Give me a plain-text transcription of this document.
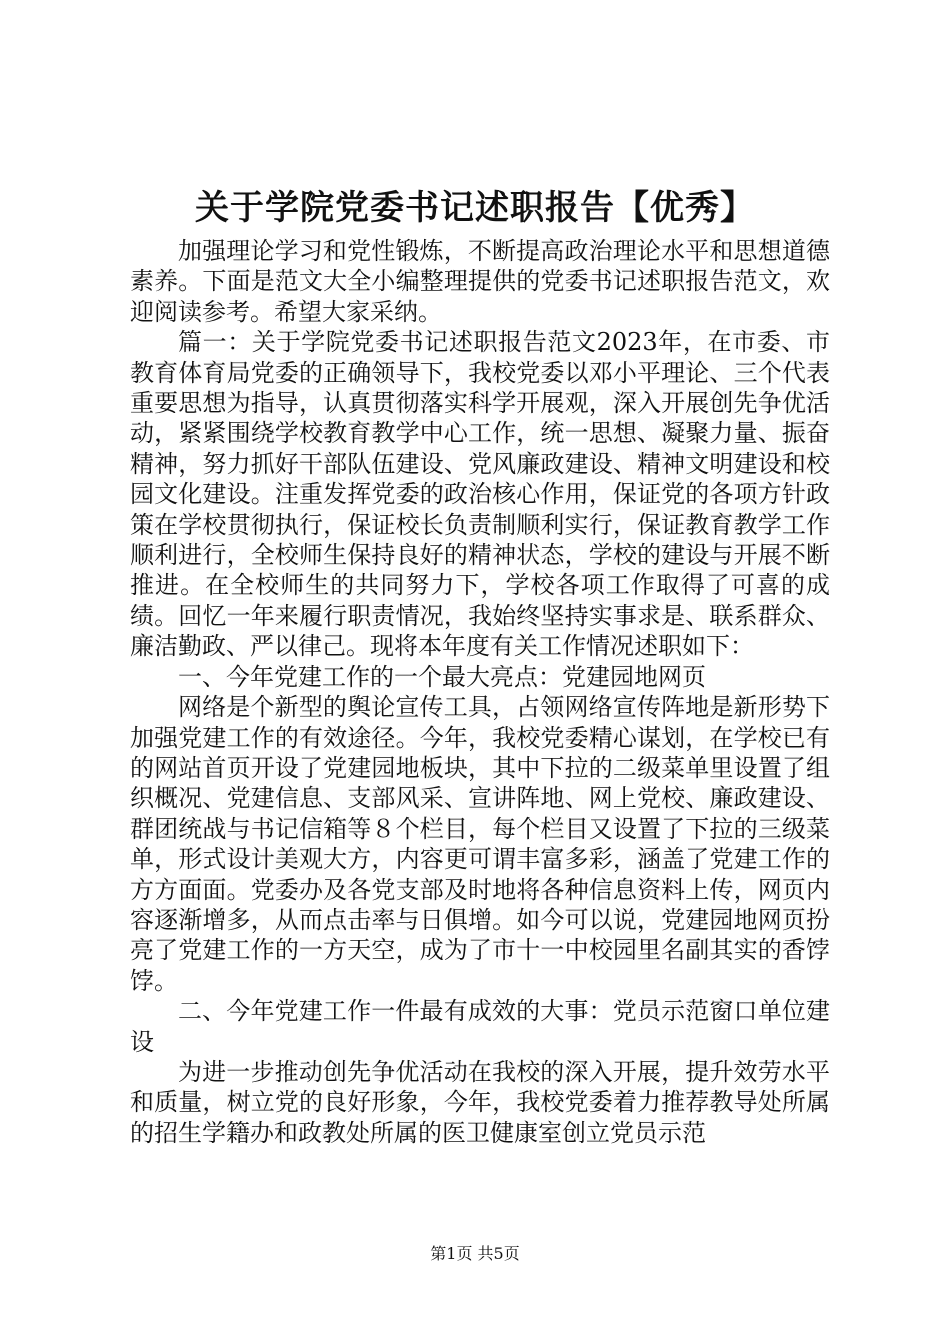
关于学院党委书记述职报告【优秀】

加强理论学习和党性锻炼，不断提高政治理论水平和思想道德素养。下面是范文大全小编整理提供的党委书记述职报告范文，欢迎阅读参考。希望大家采纳。

篇一：关于学院党委书记述职报告范文2023年，在市委、市教育体育局党委的正确领导下，我校党委以邓小平理论、三个代表重要思想为指导，认真贯彻落实科学开展观，深入开展创先争优活动，紧紧围绕学校教育教学中心工作，统一思想、凝聚力量、振奋精神，努力抓好干部队伍建设、党风廉政建设、精神文明建设和校园文化建设。注重发挥党委的政治核心作用，保证党的各项方针政策在学校贯彻执行，保证校长负责制顺利实行，保证教育教学工作顺利进行，全校师生保持良好的精神状态，学校的建设与开展不断推进。在全校师生的共同努力下，学校各项工作取得了可喜的成绩。回忆一年来履行职责情况，我始终坚持实事求是、联系群众、廉洁勤政、严以律己。现将本年度有关工作情况述职如下：

一、今年党建工作的一个最大亮点：党建园地网页

网络是个新型的舆论宣传工具，占领网络宣传阵地是新形势下加强党建工作的有效途径。今年，我校党委精心谋划，在学校已有的网站首页开设了党建园地板块，其中下拉的二级菜单里设置了组织概况、党建信息、支部风采、宣讲阵地、网上党校、廉政建设、群团统战与书记信箱等８个栏目，每个栏目又设置了下拉的三级菜单，形式设计美观大方，内容更可谓丰富多彩，涵盖了党建工作的方方面面。党委办及各党支部及时地将各种信息资料上传，网页内容逐渐增多，从而点击率与日俱增。如今可以说，党建园地网页扮亮了党建工作的一方天空，成为了市十一中校园里名副其实的香饽饽。

二、今年党建工作一件最有成效的大事：党员示范窗口单位建设

为进一步推动创先争优活动在我校的深入开展，提升效劳水平和质量，树立党的良好形象，今年，我校党委着力推荐教导处所属的招生学籍办和政教处所属的医卫健康室创立党员示范

第1页 共5页
